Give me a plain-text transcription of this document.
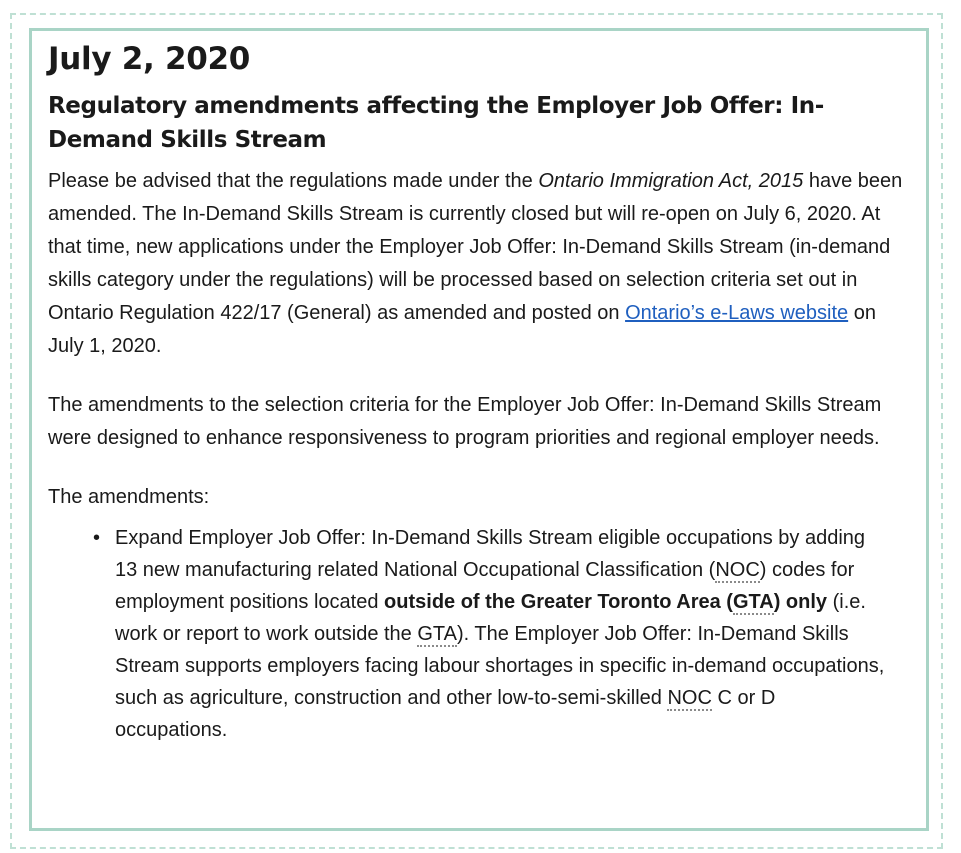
July 2, 2020
Regulatory amendments affecting the Employer Job Offer: In-Demand Skills Stream

Please be advised that the regulations made under the Ontario Immigration Act, 2015 have been amended. The In-Demand Skills Stream is currently closed but will re-open on July 6, 2020. At that time, new applications under the Employer Job Offer: In-Demand Skills Stream (in-demand skills category under the regulations) will be processed based on selection criteria set out in Ontario Regulation 422/17 (General) as amended and posted on Ontario’s e-Laws website on July 1, 2020.

The amendments to the selection criteria for the Employer Job Offer: In-Demand Skills Stream were designed to enhance responsiveness to program priorities and regional employer needs.

The amendments:

• Expand Employer Job Offer: In-Demand Skills Stream eligible occupations by adding 13 new manufacturing related National Occupational Classification (NOC) codes for employment positions located outside of the Greater Toronto Area (GTA) only (i.e. work or report to work outside the GTA). The Employer Job Offer: In-Demand Skills Stream supports employers facing labour shortages in specific in-demand occupations, such as agriculture, construction and other low-to-semi-skilled NOC C or D occupations.
